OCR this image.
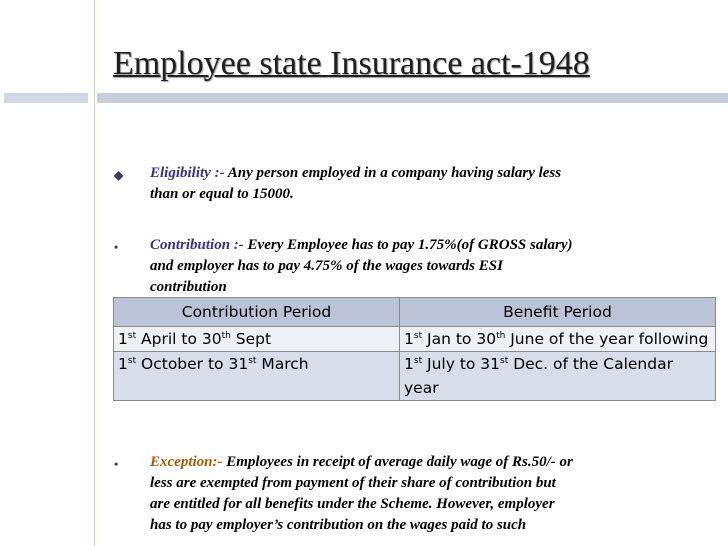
Employee state Insurance act-1948
◆ Eligibility :- Any person employed in a company having salary less
than or equal to 15000.
• Contribution :- Every Employee has to pay 1.75%(of GROSS salary)
and employer has to pay 4.75% of the wages towards ESI
contribution
Contribution Period	Benefit Period
1st April to 30th Sept	1st Jan to 30th June of the year following
1st October to 31st March	1st July to 31st Dec. of the Calendar year
• Exception:- Employees in receipt of average daily wage of Rs.50/- or
less are exempted from payment of their share of contribution but
are entitled for all benefits under the Scheme. However, employer
has to pay employer’s contribution on the wages paid to such
